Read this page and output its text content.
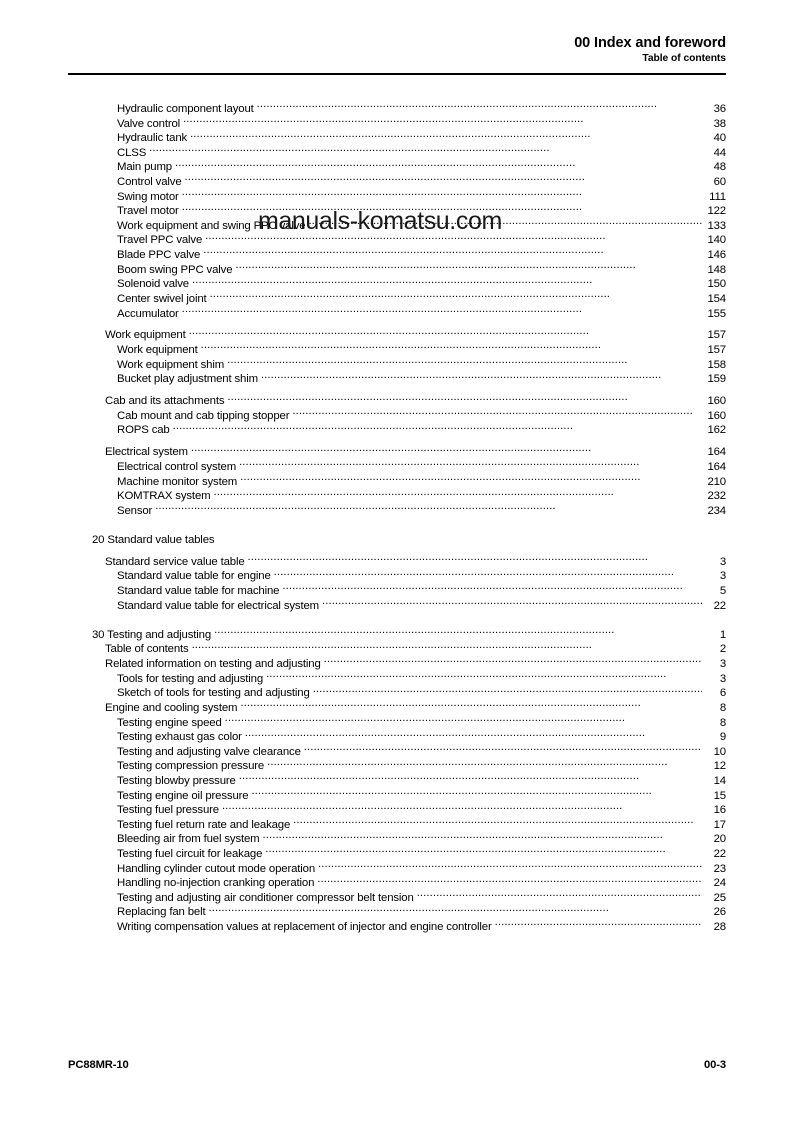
00 Index and foreword
Table of contents
Hydraulic component layout . . .	36
Valve control . . .	38
Hydraulic tank . . .	40
CLSS . . .	44
Main pump . . .	48
Control valve . . .	60
Swing motor . . .	111
Travel motor . . .	122
Work equipment and swing PPC valve . . .	133
Travel PPC valve . . .	140
Blade PPC valve . . .	146
Boom swing PPC valve . . .	148
Solenoid valve . . .	150
Center swivel joint . . .	154
Accumulator . . .	155
Work equipment . . .	157
Work equipment . . .	157
Work equipment shim . . .	158
Bucket play adjustment shim . . .	159
Cab and its attachments . . .	160
Cab mount and cab tipping stopper . . .	160
ROPS cab . . .	162
Electrical system . . .	164
Electrical control system . . .	164
Machine monitor system . . .	210
KOMTRAX system . . .	232
Sensor . . .	234
20 Standard value tables
Standard service value table . . .	3
Standard value table for engine . . .	3
Standard value table for machine . . .	5
Standard value table for electrical system . . .	22
30 Testing and adjusting . . .	1
Table of contents . . .	2
Related information on testing and adjusting . . .	3
Tools for testing and adjusting . . .	3
Sketch of tools for testing and adjusting . . .	6
Engine and cooling system . . .	8
Testing engine speed . . .	8
Testing exhaust gas color . . .	9
Testing and adjusting valve clearance . . .	10
Testing compression pressure . . .	12
Testing blowby pressure . . .	14
Testing engine oil pressure . . .	15
Testing fuel pressure . . .	16
Testing fuel return rate and leakage . . .	17
Bleeding air from fuel system . . .	20
Testing fuel circuit for leakage . . .	22
Handling cylinder cutout mode operation . . .	23
Handling no-injection cranking operation . . .	24
Testing and adjusting air conditioner compressor belt tension . . .	25
Replacing fan belt . . .	26
Writing compensation values at replacement of injector and engine controller . . .	28
manuals-komatsu.com
PC88MR-10	00-3
